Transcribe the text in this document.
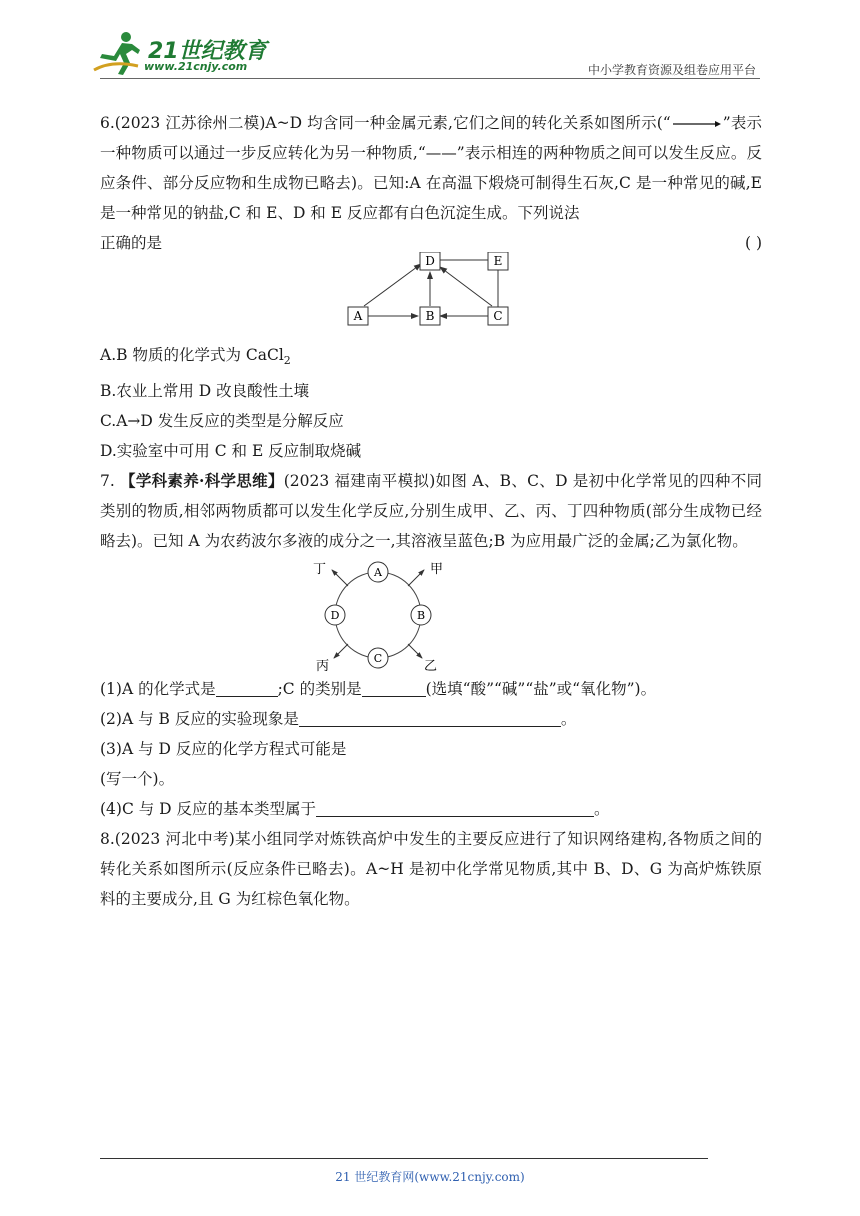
21世纪教育
www.21cnjy.com	中小学教育资源及组卷应用平台

6.(2023 江苏徐州二模)A~D 均含同一种金属元素,它们之间的转化关系如图所示(“	”表示一种物质可以通过一步反应转化为另一种物质,“——”表示相连的两种物质之间可以发生反应。反应条件、部分反应物和生成物已略去)。已知:A 在高温下煅烧可制得生石灰,C 是一种常见的碱,E 是一种常见的钠盐,C 和 E、D 和 E 反应都有白色沉淀生成。下列说法

正确的是	( )
A	B	C
D	E

A.B 物质的化学式为 CaCl$_2$

B.农业上常用 D 改良酸性土壤

C.A→D 发生反应的类型是分解反应

D.实验室中可用 C 和 E 反应制取烧碱

7. 【学科素养·科学思维】(2023 福建南平模拟)如图 A、B、C、D 是初中化学常见的四种不同类别的物质,相邻两物质都可以发生化学反应,分别生成甲、乙、丙、丁四种物质(部分生成物已经略去)。已知 A 为农药波尔多液的成分之一,其溶液呈蓝色;B 为应用最广泛的金属;乙为氯化物。

A
B
C
D
甲
乙
丙
丁

(1)A 的化学式是	;C 的类别是	(选填“酸”“碱”“盐”或“氧化物”)。

(2)A 与 B 反应的实验现象是	。

(3)A 与 D 反应的化学方程式可能是

(写一个)。

(4)C 与 D 反应的基本类型属于	。

8.(2023 河北中考)某小组同学对炼铁高炉中发生的主要反应进行了知识网络建构,各物质之间的转化关系如图所示(反应条件已略去)。A~H 是初中化学常见物质,其中 B、D、G 为高炉炼铁原料的主要成分,且 G 为红棕色氧化物。

21 世纪教育网(www.21cnjy.com)
